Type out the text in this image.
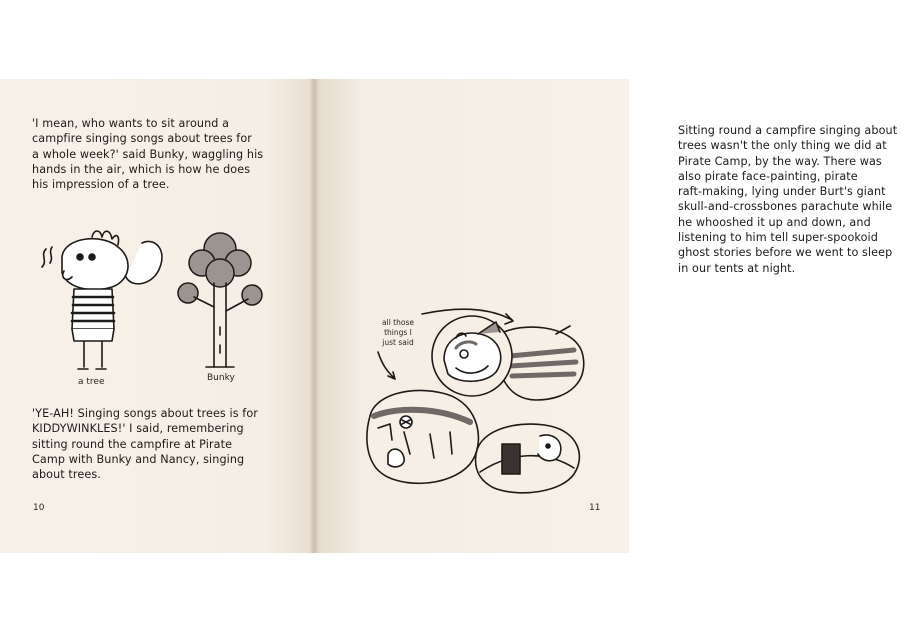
'I mean, who wants to sit around a
campfire singing songs about trees for
a whole week?' said Bunky, waggling his
hands in the air, which is how he does
his impression of a tree.

a tree	Bunky

'YE-AH! Singing songs about trees is for
KIDDYWINKLES!' I said, remembering
sitting round the campfire at Pirate
Camp with Bunky and Nancy, singing
about trees.

10

Sitting round a campfire singing about
trees wasn't the only thing we did at
Pirate Camp, by the way. There was
also pirate face-painting, pirate
raft-making, lying under Burt's giant
skull-and-crossbones parachute while
he whooshed it up and down, and
listening to him tell super-spookoid
ghost stories before we went to sleep
in our tents at night.

all those
things I
just said
11
